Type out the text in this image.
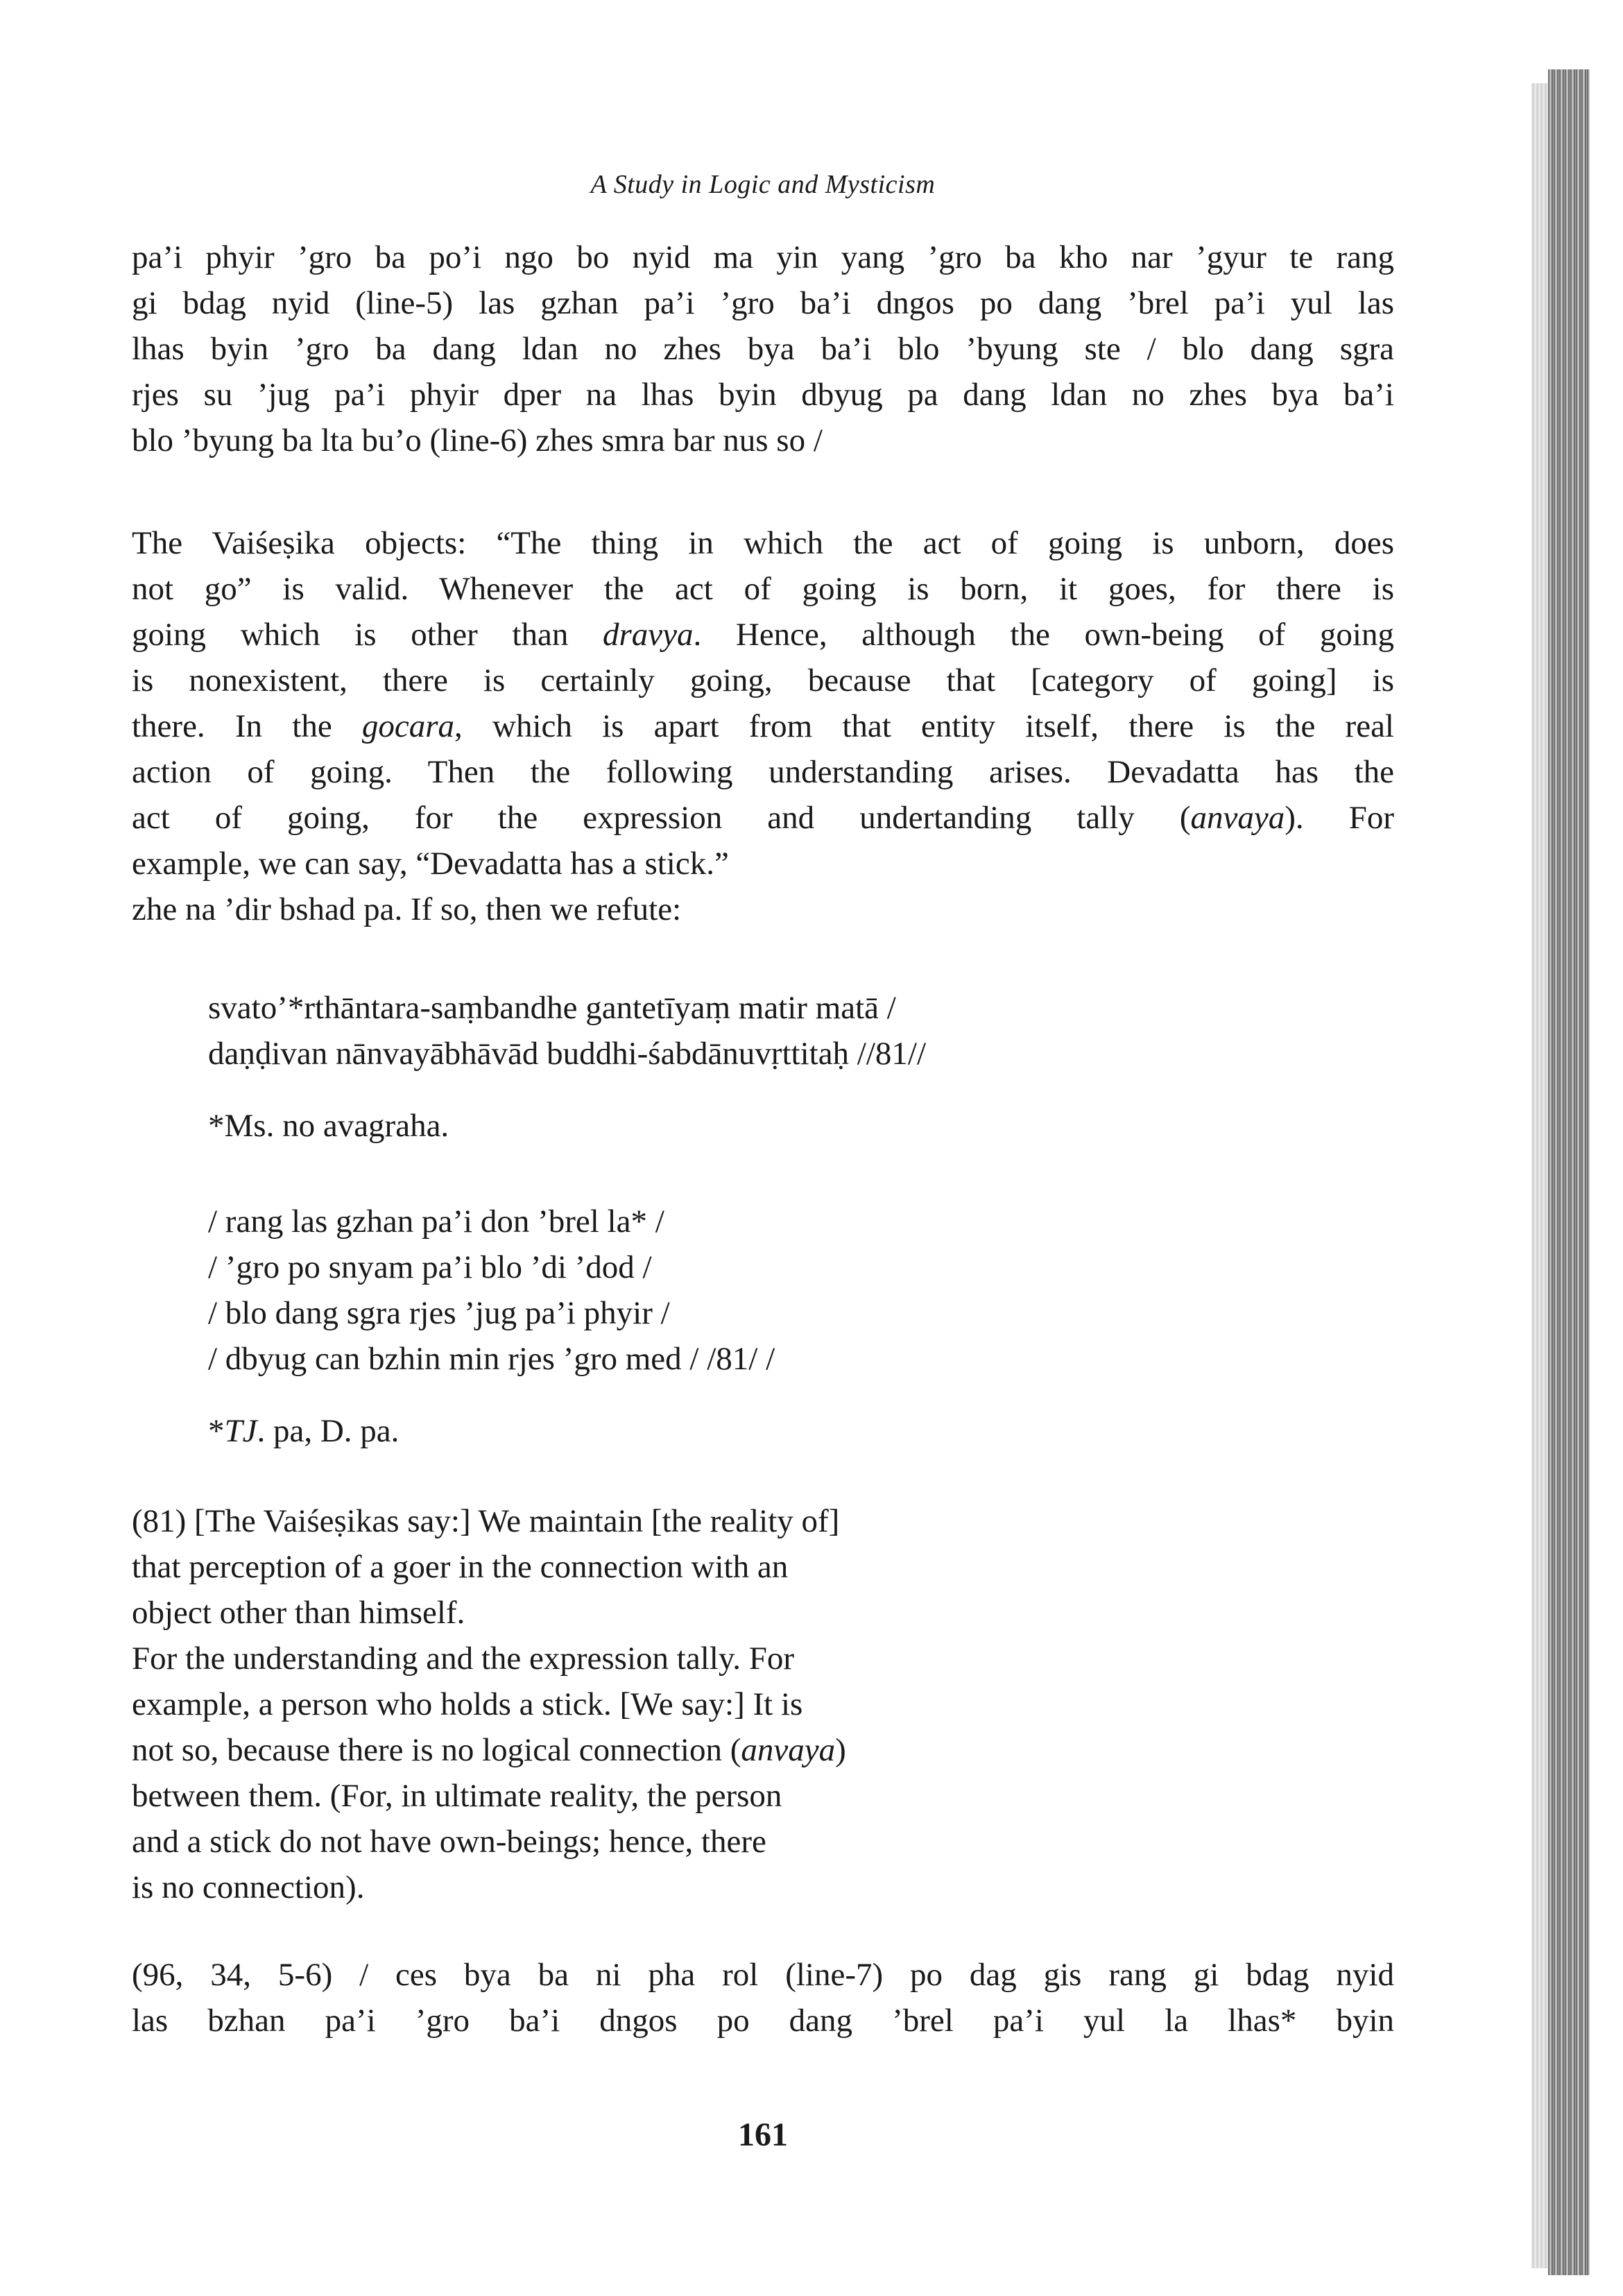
A Study in Logic and Mysticism
pa’i phyir ’gro ba po’i ngo bo nyid ma yin yang ’gro ba kho nar ’gyur te rang
gi bdag nyid (line-5) las gzhan pa’i ’gro ba’i dngos po dang ’brel pa’i yul las
lhas byin ’gro ba dang ldan no zhes bya ba’i blo ’byung ste / blo dang sgra
rjes su ’jug pa’i phyir dper na lhas byin dbyug pa dang ldan no zhes bya ba’i
blo ’byung ba lta bu’o (line-6) zhes smra bar nus so /
The Vaiśeṣika objects: “The thing in which the act of going is unborn, does
not go” is valid. Whenever the act of going is born, it goes, for there is
going which is other than dravya. Hence, although the own-being of going
is nonexistent, there is certainly going, because that [category of going] is
there. In the gocara, which is apart from that entity itself, there is the real
action of going. Then the following understanding arises. Devadatta has the
act of going, for the expression and undertanding tally (anvaya). For
example, we can say, “Devadatta has a stick.”
zhe na ’dir bshad pa. If so, then we refute:
svato’*rthāntara-saṃbandhe gantetīyaṃ matir matā /
daṇḍivan nānvayābhāvād buddhi-śabdānuvṛttitaḥ //81//
*Ms. no avagraha.
/ rang las gzhan pa’i don ’brel la* /
/ ’gro po snyam pa’i blo ’di ’dod /
/ blo dang sgra rjes ’jug pa’i phyir /
/ dbyug can bzhin min rjes ’gro med / /81/ /
*TJ. pa, D. pa.
(81) [The Vaiśeṣikas say:] We maintain [the reality of]
that perception of a goer in the connection with an
object other than himself.
For the understanding and the expression tally. For
example, a person who holds a stick. [We say:] It is
not so, because there is no logical connection (anvaya)
between them. (For, in ultimate reality, the person
and a stick do not have own-beings; hence, there
is no connection).
(96, 34, 5-6) / ces bya ba ni pha rol (line-7) po dag gis rang gi bdag nyid
las bzhan pa’i ’gro ba’i dngos po dang ’brel pa’i yul la lhas* byin
161
